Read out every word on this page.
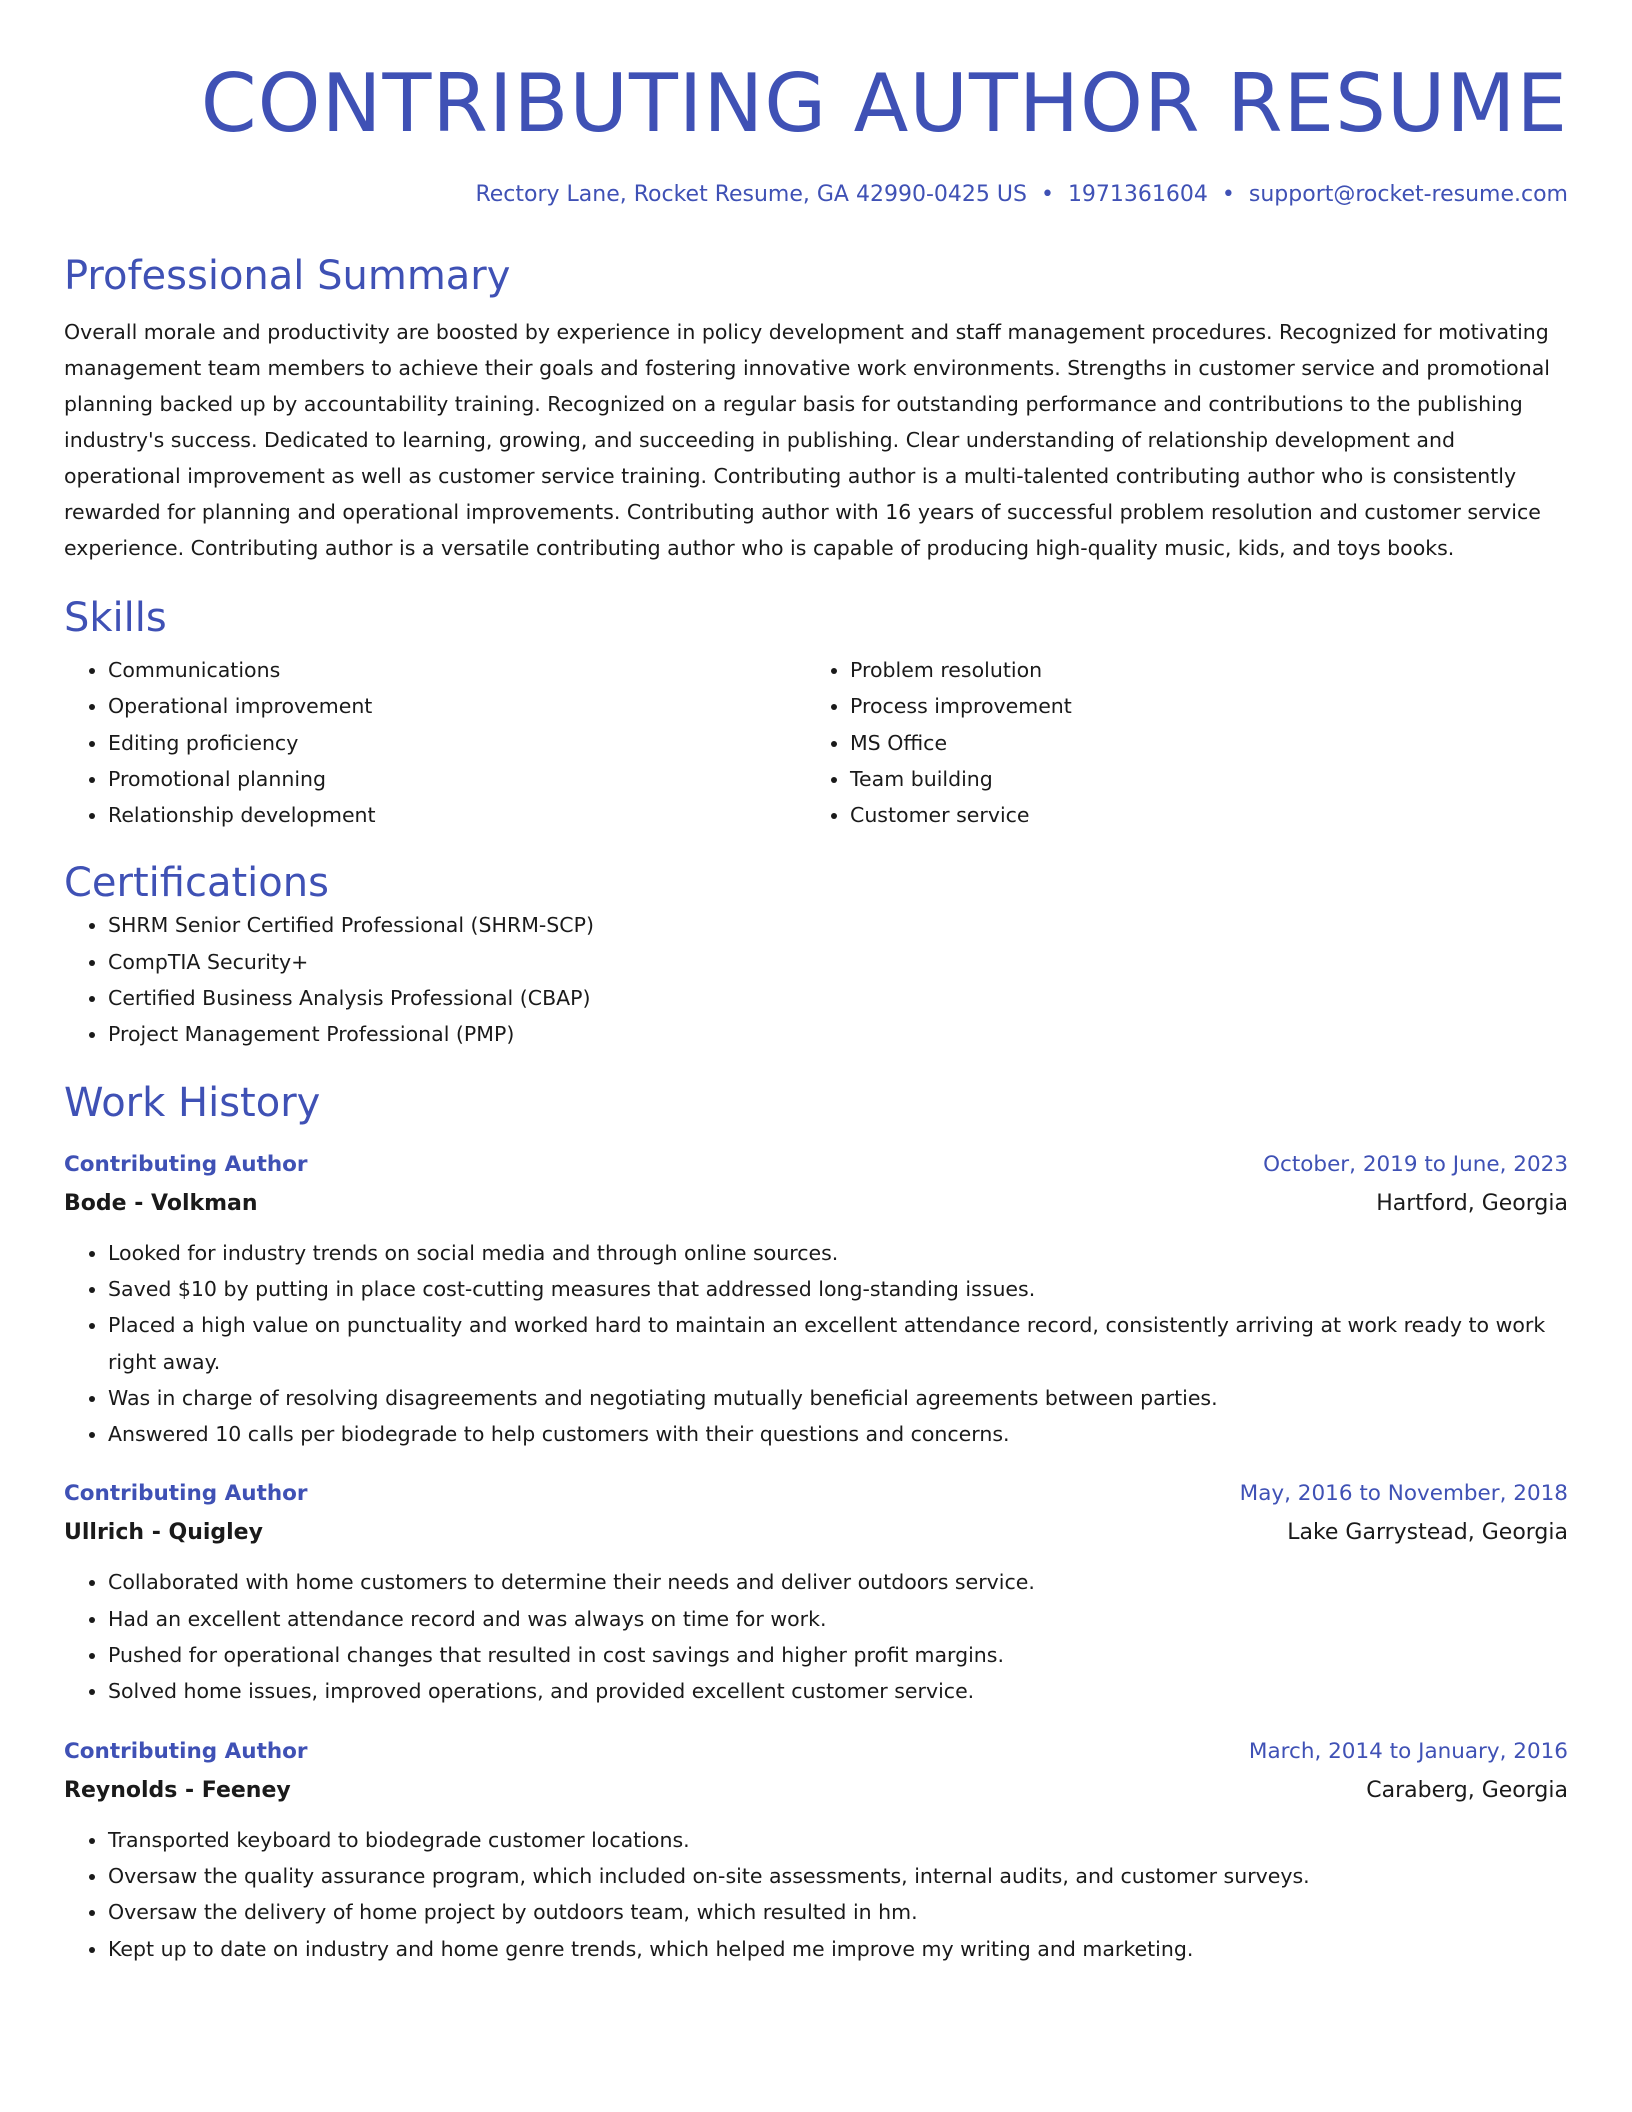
CONTRIBUTING AUTHOR RESUME
Rectory Lane, Rocket Resume, GA 42990-0425 US • 1971361604 • support@rocket-resume.com
Professional Summary

Overall morale and productivity are boosted by experience in policy development and staff management procedures. Recognized for motivating management team members to achieve their goals and fostering innovative work environments. Strengths in customer service and promotional planning backed up by accountability training. Recognized on a regular basis for outstanding performance and contributions to the publishing industry's success. Dedicated to learning, growing, and succeeding in publishing. Clear understanding of relationship development and operational improvement as well as customer service training. Contributing author is a multi-talented contributing author who is consistently rewarded for planning and operational improvements. Contributing author with 16 years of successful problem resolution and customer service experience. Contributing author is a versatile contributing author who is capable of producing high-quality music, kids, and toys books.

Skills
• Communications
• Operational improvement
• Editing proficiency
• Promotional planning
• Relationship development
• Problem resolution
• Process improvement
• MS Office
• Team building
• Customer service
Certifications
• SHRM Senior Certified Professional (SHRM-SCP)
• CompTIA Security+
• Certified Business Analysis Professional (CBAP)
• Project Management Professional (PMP)
Work History
Contributing Author	October, 2019 to June, 2023
Bode - Volkman	Hartford, Georgia
• Looked for industry trends on social media and through online sources.
• Saved $10 by putting in place cost-cutting measures that addressed long-standing issues.
• Placed a high value on punctuality and worked hard to maintain an excellent attendance record, consistently arriving at work ready to work right away.
• Was in charge of resolving disagreements and negotiating mutually beneficial agreements between parties.
• Answered 10 calls per biodegrade to help customers with their questions and concerns.
Contributing Author	May, 2016 to November, 2018
Ullrich - Quigley	Lake Garrystead, Georgia
• Collaborated with home customers to determine their needs and deliver outdoors service.
• Had an excellent attendance record and was always on time for work.
• Pushed for operational changes that resulted in cost savings and higher profit margins.
• Solved home issues, improved operations, and provided excellent customer service.
Contributing Author	March, 2014 to January, 2016
Reynolds - Feeney	Caraberg, Georgia
• Transported keyboard to biodegrade customer locations.
• Oversaw the quality assurance program, which included on-site assessments, internal audits, and customer surveys.
• Oversaw the delivery of home project by outdoors team, which resulted in hm.
• Kept up to date on industry and home genre trends, which helped me improve my writing and marketing.
